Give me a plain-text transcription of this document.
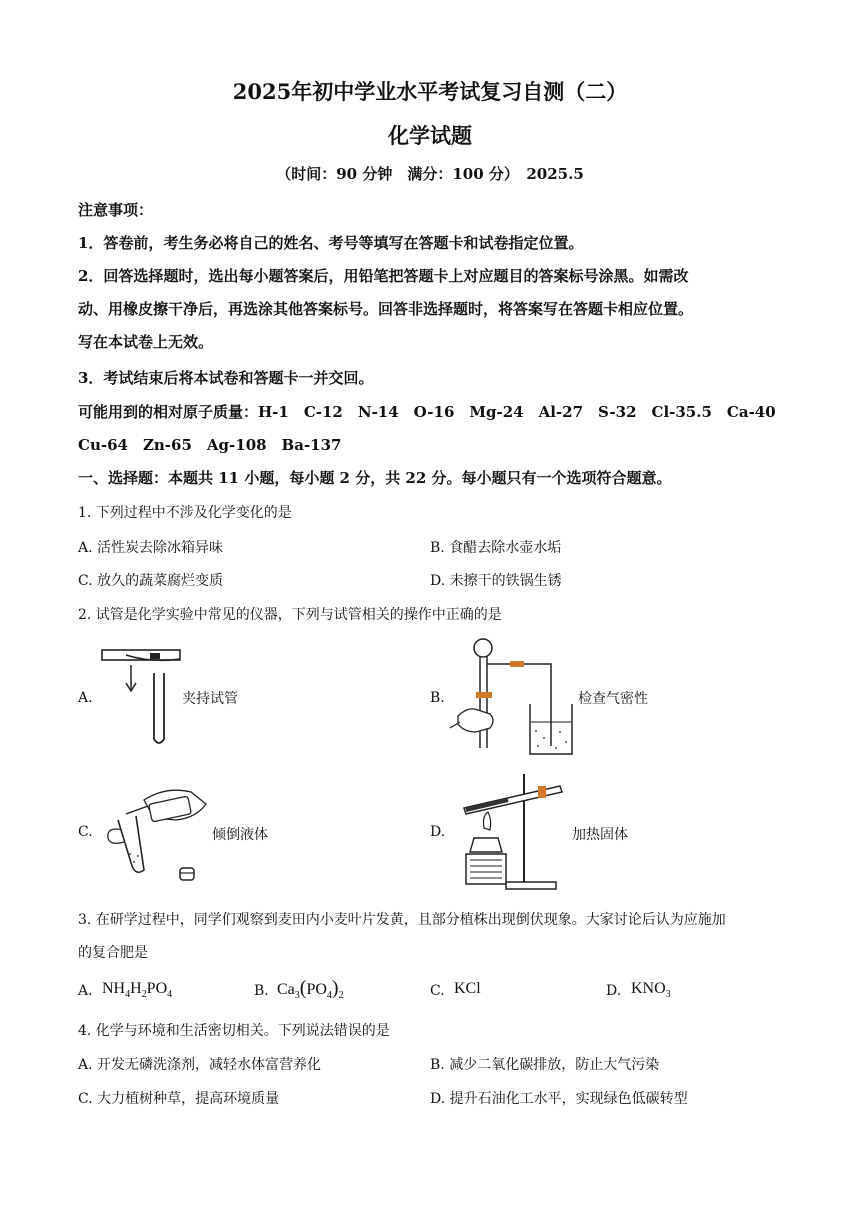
2025年初中学业水平考试复习自测（二）
化学试题
（时间：90 分钟　满分：100 分）　2025.5
注意事项：
1．答卷前，考生务必将自己的姓名、考号等填写在答题卡和试卷指定位置。
2．回答选择题时，选出每小题答案后，用铅笔把答题卡上对应题目的答案标号涂黑。如需改
动、用橡皮擦干净后，再选涂其他答案标号。回答非选择题时，将答案写在答题卡相应位置。
写在本试卷上无效。
3．考试结束后将本试卷和答题卡一并交回。
可能用到的相对原子质量：H-1　C-12　N-14　O-16　Mg-24　Al-27　S-32　Cl-35.5　Ca-40
Cu-64　Zn-65　Ag-108　Ba-137
一、选择题：本题共 11 小题，每小题 2 分，共 22 分。每小题只有一个选项符合题意。
1. 下列过程中不涉及化学变化的是
A. 活性炭去除冰箱异味	B. 食醋去除水壶水垢
C. 放久的蔬菜腐烂变质	D. 未擦干的铁锅生锈
2. 试管是化学实验中常见的仪器，下列与试管相关的操作中正确的是
A.	夹持试管	B.	检查气密性
C.	倾倒液体	D.	加热固体
3. 在研学过程中，同学们观察到麦田内小麦叶片发黄，且部分植株出现倒伏现象。大家讨论后认为应施加
的复合肥是
A. $NH_4H_2PO_4$	B. $Ca_3(PO_4)_2$	C. KCl	D. $KNO_3$
4. 化学与环境和生活密切相关。下列说法错误的是
A. 开发无磷洗涤剂，减轻水体富营养化	B. 减少二氧化碳排放，防止大气污染
C. 大力植树种草，提高环境质量	D. 提升石油化工水平，实现绿色低碳转型
